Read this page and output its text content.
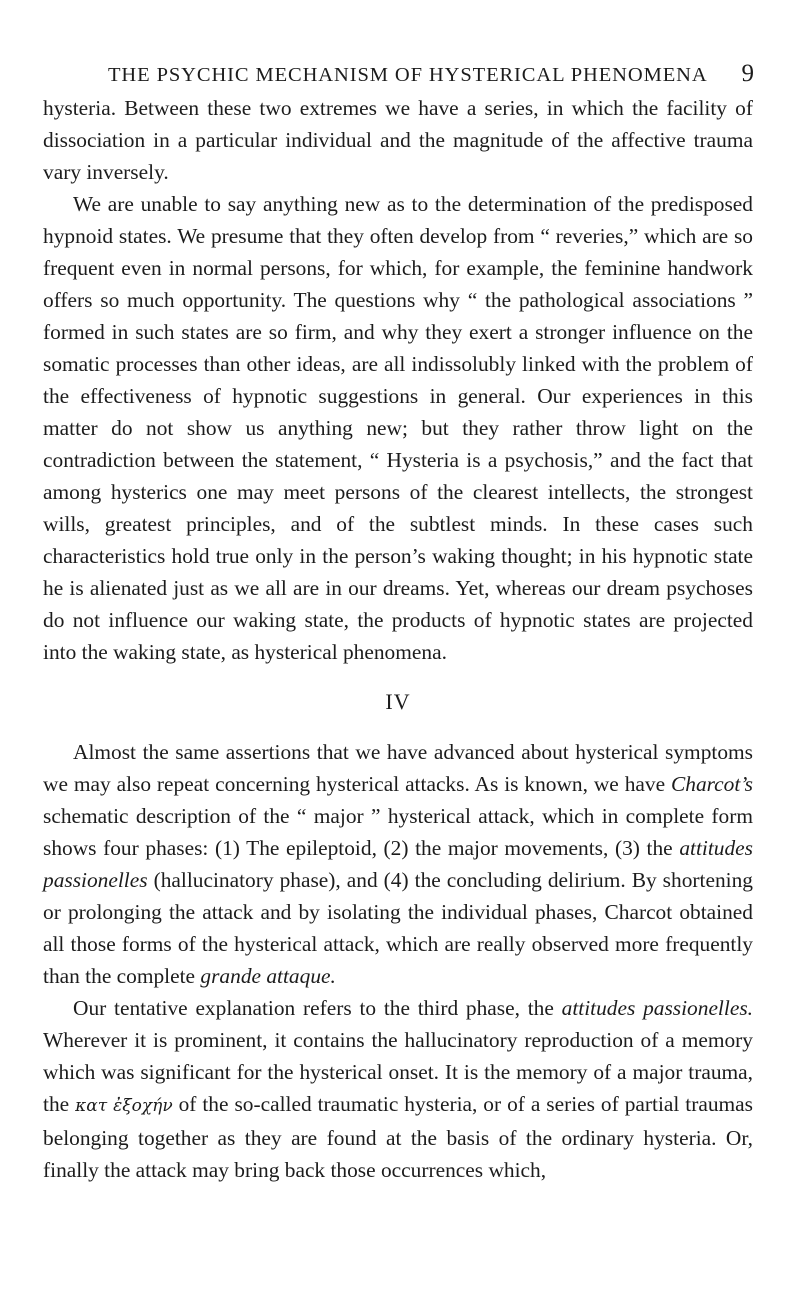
THE PSYCHIC MECHANISM OF HYSTERICAL PHENOMENA 9

hysteria. Between these two extremes we have a series, in which the facility of dissociation in a particular individual and the magnitude of the affective trauma vary inversely.

We are unable to say anything new as to the determination of the predisposed hypnoid states. We presume that they often develop from “ reveries,” which are so frequent even in normal persons, for which, for example, the feminine handwork offers so much opportunity. The questions why “ the pathological associations ” formed in such states are so firm, and why they exert a stronger influence on the somatic processes than other ideas, are all indissolubly linked with the problem of the effectiveness of hypnotic suggestions in general. Our experiences in this matter do not show us anything new; but they rather throw light on the contradiction between the statement, “ Hysteria is a psychosis,” and the fact that among hysterics one may meet persons of the clearest intellects, the strongest wills, greatest principles, and of the subtlest minds. In these cases such characteristics hold true only in the person’s waking thought; in his hypnotic state he is alienated just as we all are in our dreams. Yet, whereas our dream psychoses do not influence our waking state, the products of hypnotic states are projected into the waking state, as hysterical phenomena.

IV

Almost the same assertions that we have advanced about hysterical symptoms we may also repeat concerning hysterical attacks. As is known, we have Charcot’s schematic description of the “ major ” hysterical attack, which in complete form shows four phases: (1) The epileptoid, (2) the major movements, (3) the attitudes passionelles (hallucinatory phase), and (4) the concluding delirium. By shortening or prolonging the attack and by isolating the individual phases, Charcot obtained all those forms of the hysterical attack, which are really observed more frequently than the complete grande attaque.

Our tentative explanation refers to the third phase, the attitudes passionelles. Wherever it is prominent, it contains the hallucinatory reproduction of a memory which was significant for the hysterical onset. It is the memory of a major trauma, the κατ ἐξοχήν of the so-called traumatic hysteria, or of a series of partial traumas belonging together as they are found at the basis of the ordinary hysteria. Or, finally the attack may bring back those occurrences which,
